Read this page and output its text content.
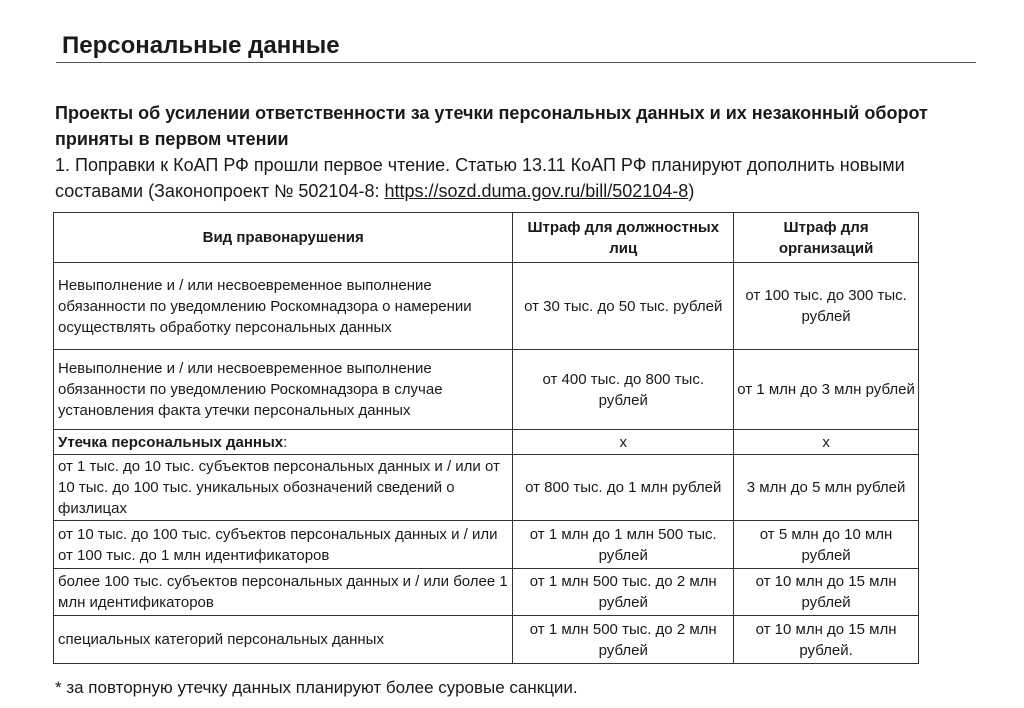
Персональные данные
Проекты об усилении ответственности за утечки персональных данных и их незаконный оборот приняты в первом чтении
1. Поправки к КоАП РФ прошли первое чтение. Статью 13.11 КоАП РФ планируют дополнить новыми составами (Законопроект № 502104-8: https://sozd.duma.gov.ru/bill/502104-8)
Вид правонарушения	Штраф для должностных лиц	Штраф для организаций
Невыполнение и / или несвоевременное выполнение обязанности по уведомлению Роскомнадзора о намерении осуществлять обработку персональных данных	от 30 тыс. до 50 тыс. рублей	от 100 тыс. до 300 тыс. рублей
Невыполнение и / или несвоевременное выполнение обязанности по уведомлению Роскомнадзора в случае установления факта утечки персональных данных	от 400 тыс. до 800 тыс. рублей	от 1 млн до 3 млн рублей
Утечка персональных данных:	x	x
от 1 тыс. до 10 тыс. субъектов персональных данных и / или от 10 тыс. до 100 тыс. уникальных обозначений сведений о физлицах	от 800 тыс. до 1 млн рублей	3 млн до 5 млн рублей
от 10 тыс. до 100 тыс. субъектов персональных данных и / или от 100 тыс. до 1 млн идентификаторов	от 1 млн до 1 млн 500 тыс. рублей	от 5 млн до 10 млн рублей
более 100 тыс. субъектов персональных данных и / или более 1 млн идентификаторов	от 1 млн 500 тыс. до 2 млн рублей	от 10 млн до 15 млн рублей
специальных категорий персональных данных	от 1 млн 500 тыс. до 2 млн рублей	от 10 млн до 15 млн рублей.
* за повторную утечку данных планируют более суровые санкции.
